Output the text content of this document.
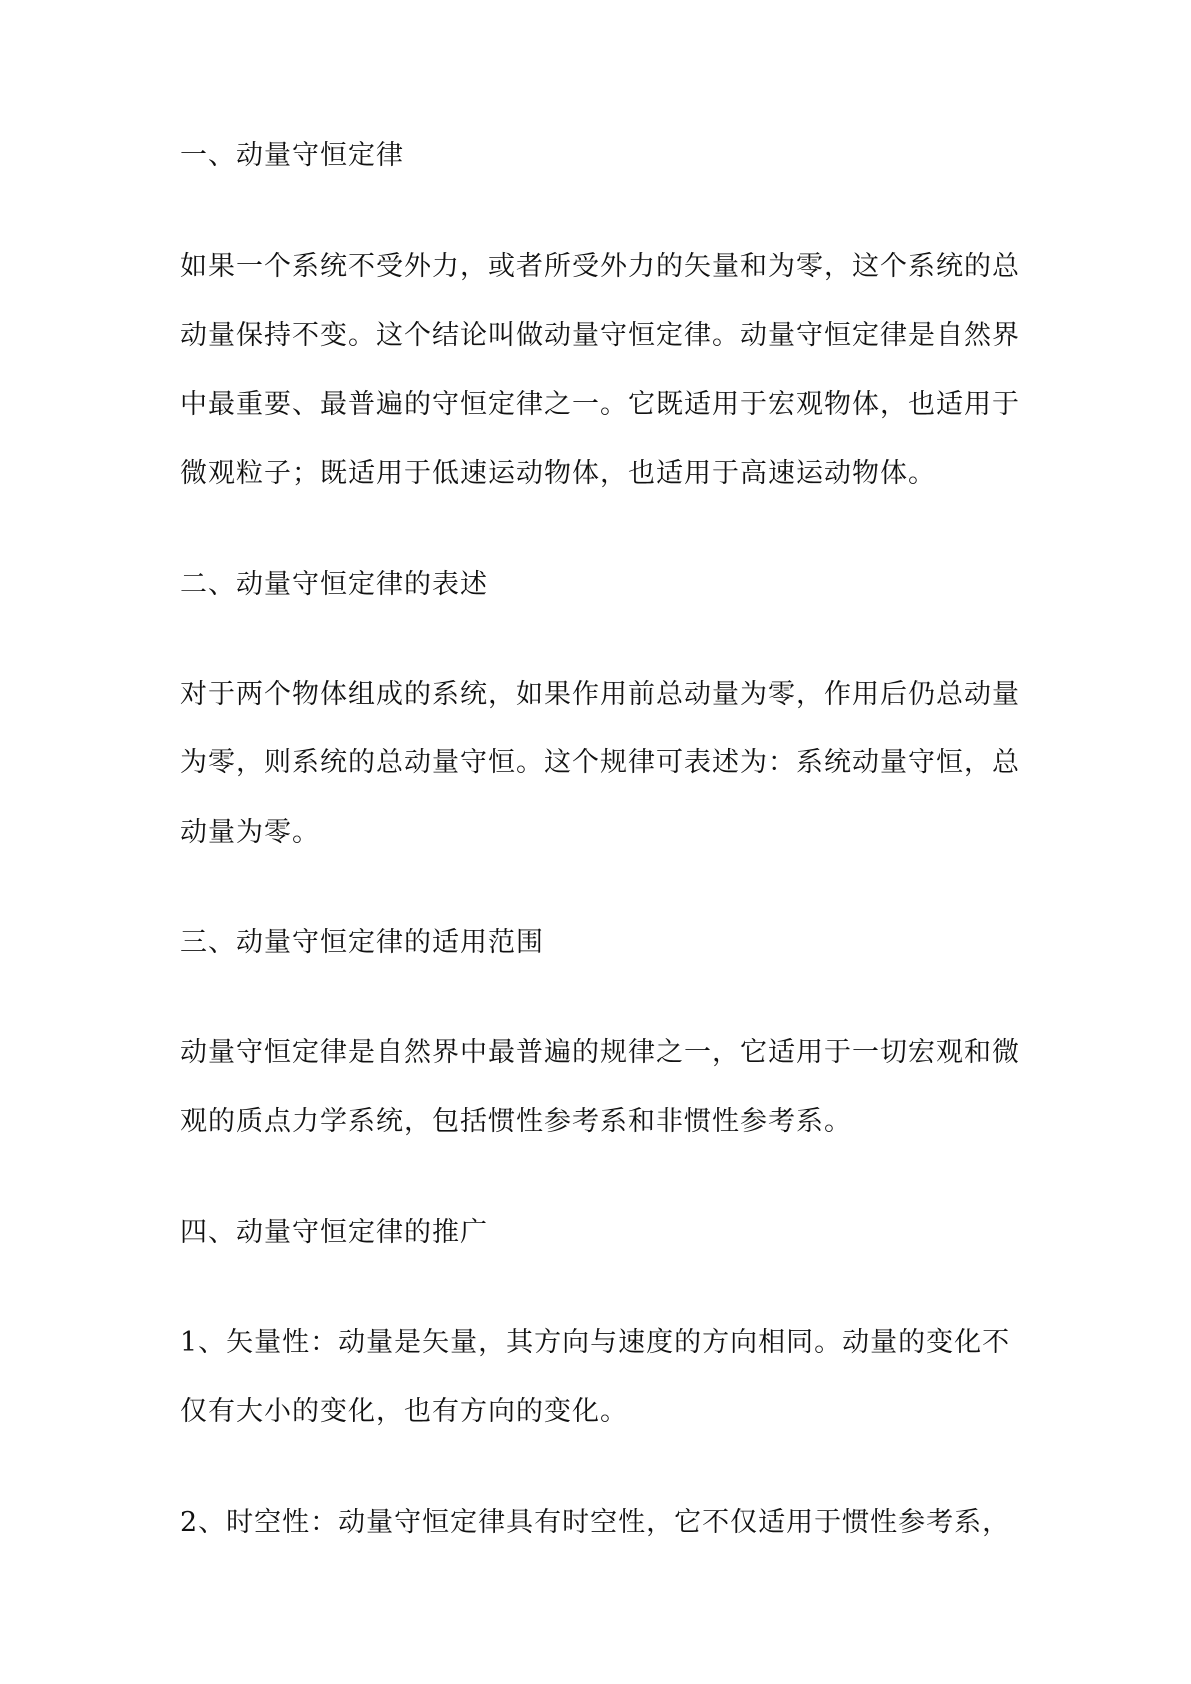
一、动量守恒定律
如果一个系统不受外力，或者所受外力的矢量和为零，这个系统的总
动量保持不变。这个结论叫做动量守恒定律。动量守恒定律是自然界
中最重要、最普遍的守恒定律之一。它既适用于宏观物体，也适用于
微观粒子；既适用于低速运动物体，也适用于高速运动物体。
二、动量守恒定律的表述
对于两个物体组成的系统，如果作用前总动量为零，作用后仍总动量
为零，则系统的总动量守恒。这个规律可表述为：系统动量守恒，总
动量为零。
三、动量守恒定律的适用范围
动量守恒定律是自然界中最普遍的规律之一，它适用于一切宏观和微
观的质点力学系统，包括惯性参考系和非惯性参考系。
四、动量守恒定律的推广
1、矢量性：动量是矢量，其方向与速度的方向相同。动量的变化不
仅有大小的变化，也有方向的变化。
2、时空性：动量守恒定律具有时空性，它不仅适用于惯性参考系，
